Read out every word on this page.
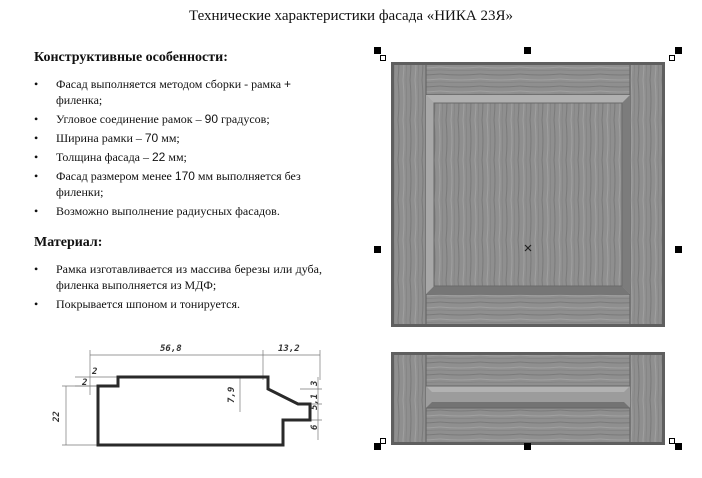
Технические характеристики фасада «НИКА 23Я»
Конструктивные особенности:
• Фасад выполняется методом сборки - рамка + филенка;
• Угловое соединение рамок – 90 градусов;
• Ширина рамки – 70 мм;
• Толщина фасада – 22 мм;
• Фасад размером менее 170 мм выполняется без филенки;
• Возможно выполнение радиусных фасадов.
Материал:
• Рамка изготавливается из массива березы или дуба, филенка выполняется из МДФ;
• Покрывается шпоном и тонируется.
56,8	13,2
2
2
22
7,9
3
5,1
6
